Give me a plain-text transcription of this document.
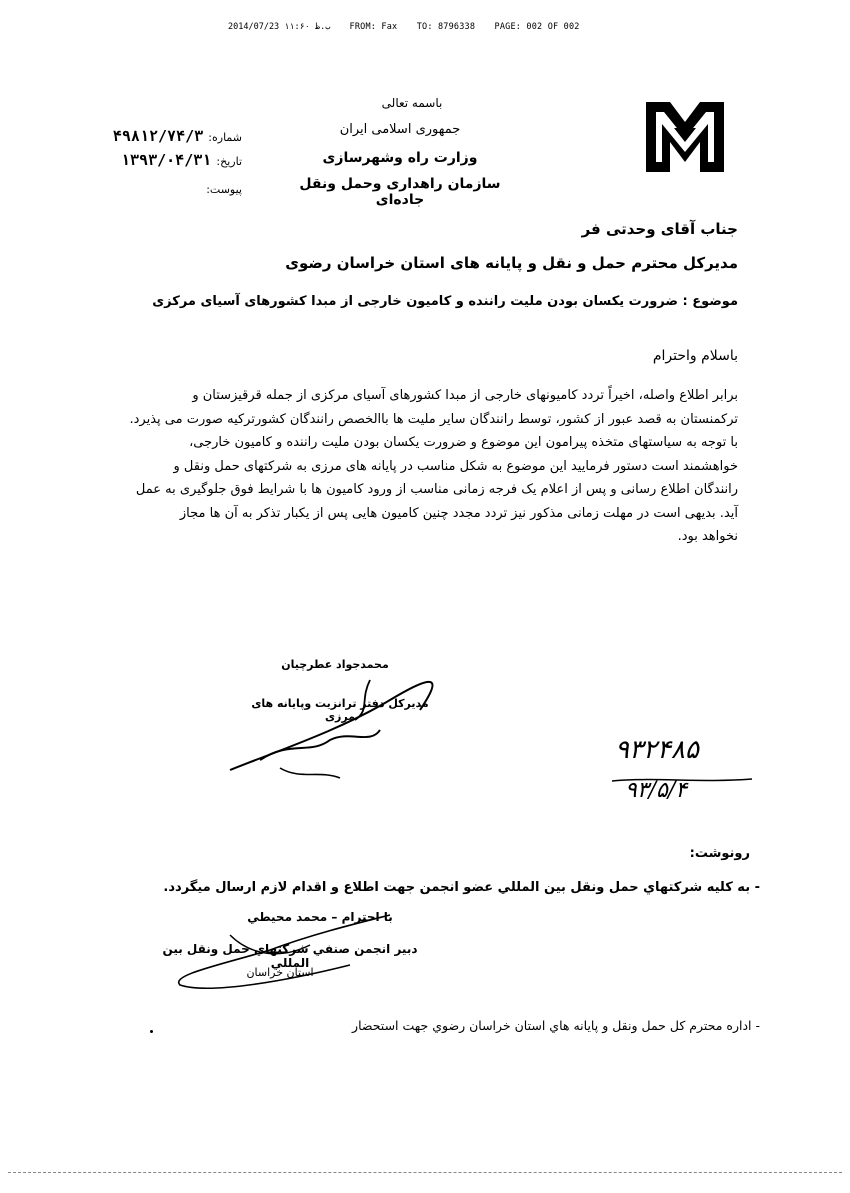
2014/07/23 ب.ظ ۱۱:۶۰ FROM: Fax TO: 8796338 PAGE: 002 OF 002
باسمه تعالی
جمهوری اسلامی ایران
وزارت راه وشهرسازی
سازمان راهداری وحمل ونقل جاده‌ای
شماره: ۴۹۸۱۲/۷۴/۳
تاریخ: ۱۳۹۳/۰۴/۳۱
پیوست:
جناب آقای وحدتی فر
مدیرکل محترم حمل و نقل و پایانه های استان خراسان رضوی
موضوع : ضرورت یکسان بودن ملیت راننده و کامیون خارجی از مبدا کشورهای آسیای مرکزی
باسلام واحترام

برابر اطلاع واصله، اخیراً تردد کامیونهای خارجی از مبدا کشورهای آسیای مرکزی از جمله قرقیزستان و

ترکمنستان به قصد عبور از کشور، توسط رانندگان سایر ملیت ها باالخصص رانندگان کشورترکیه صورت می پذیرد.

با توجه به سیاستهای متخذه پیرامون این موضوع و ضرورت یکسان بودن ملیت راننده و کامیون خارجی،

خواهشمند است دستور فرمایید این موضوع به شکل مناسب در پایانه های مرزی به شرکتهای حمل ونقل و

رانندگان اطلاع رسانی و پس از اعلام یک فرجه زمانی مناسب از ورود کامیون ها با شرایط فوق جلوگیری به عمل

آید. بدیهی است در مهلت زمانی مذکور نیز تردد مجدد چنین کامیون هایی پس از یکبار تذکر به آن ها مجاز

نخواهد بود.

محمدجواد عطرچیان
مدیرکل دفتر ترانزیت وپایانه های مرزی
۹۳۲۴۸۵
۹۳/۵/۴
رونوشت:
- به کلیه شرکتهاي حمل ونقل بین المللي عضو انجمن جهت اطلاع و اقدام لازم ارسال میگردد.
با احترام – محمد محیطي
دبیر انجمن صنفي شرکتهاي حمل ونقل بین المللي
استان خراسان
- اداره محترم کل حمل ونقل و پایانه هاي استان خراسان رضوي جهت استحضار
